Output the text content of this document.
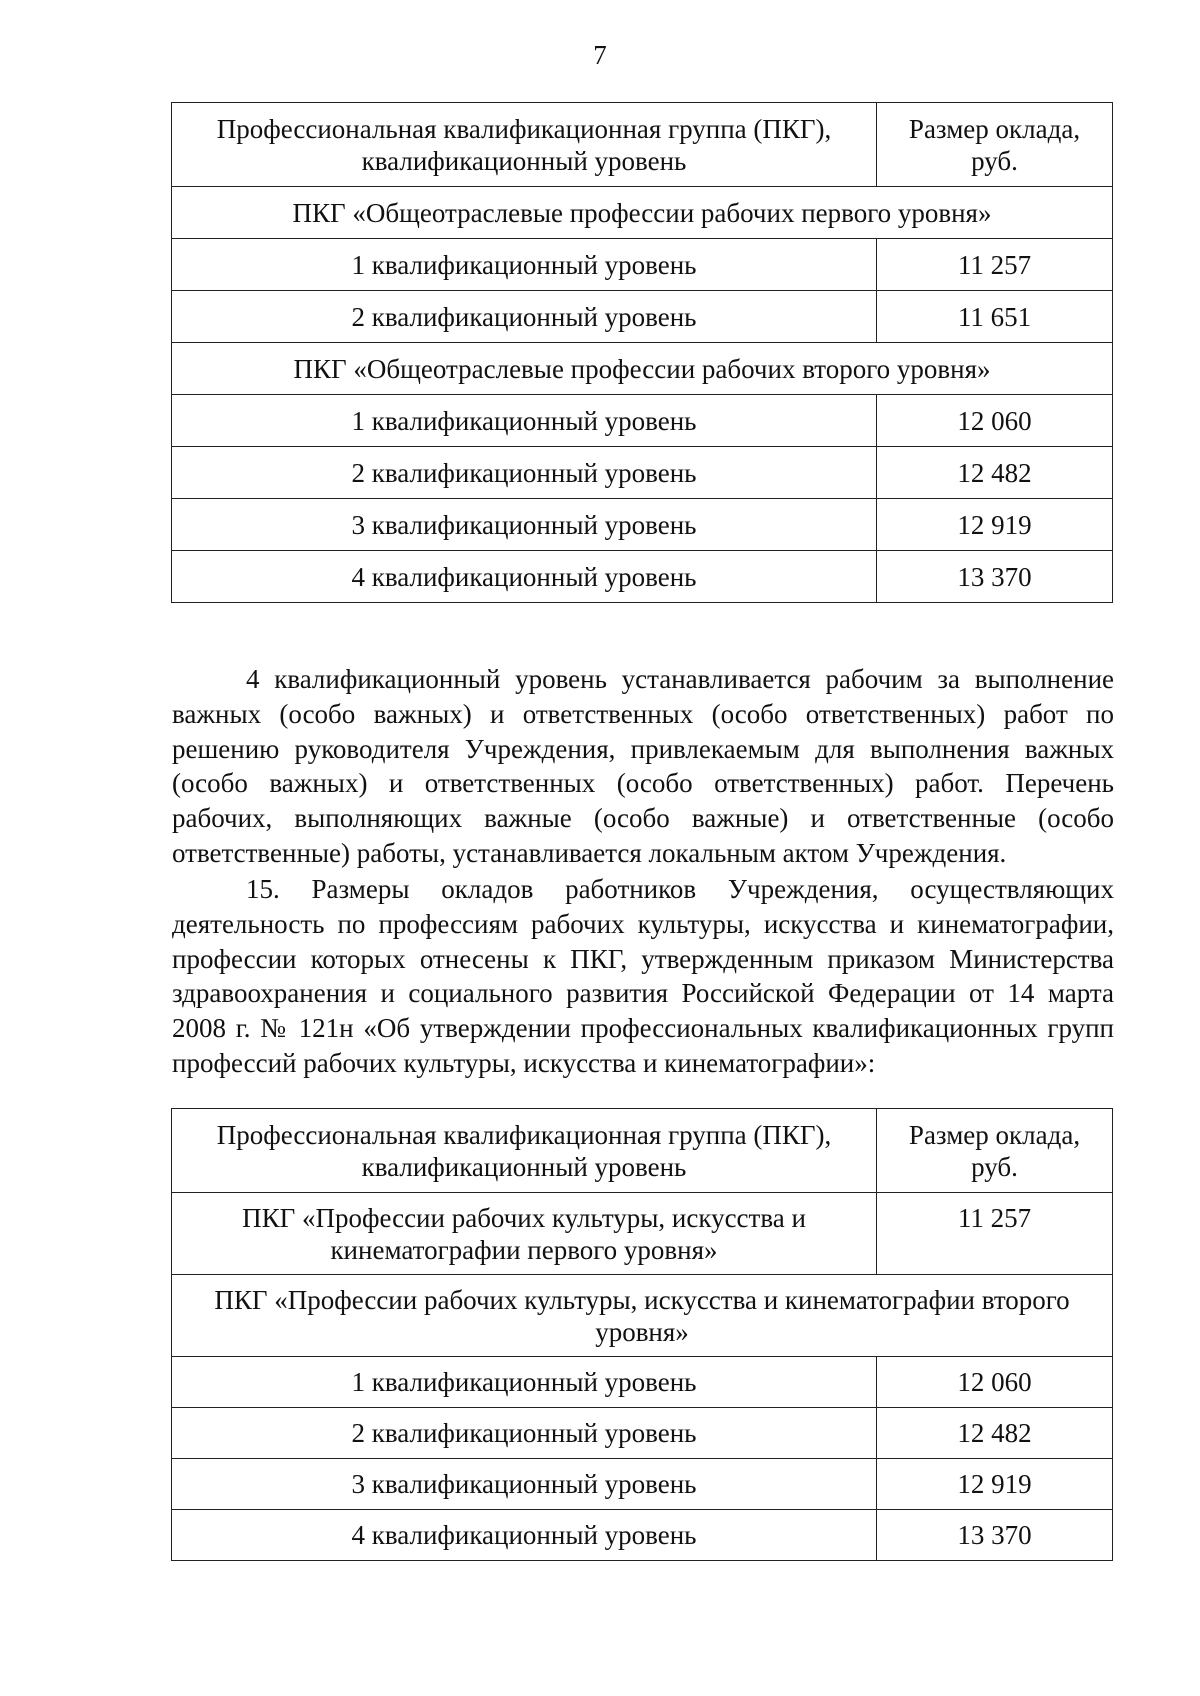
7
Профессиональная квалификационная группа (ПКГ), квалификационный уровень	Размер оклада, руб.
ПКГ «Общеотраслевые профессии рабочих первого уровня»	
1 квалификационный уровень	11 257
2 квалификационный уровень	11 651
ПКГ «Общеотраслевые профессии рабочих второго уровня»	
1 квалификационный уровень	12 060
2 квалификационный уровень	12 482
3 квалификационный уровень	12 919
4 квалификационный уровень	13 370

4 квалификационный уровень устанавливается рабочим за выполнение важных (особо важных) и ответственных (особо ответственных) работ по решению руководителя Учреждения, привлекаемым для выполнения важных (особо важных) и ответственных (особо ответственных) работ. Перечень рабочих, выполняющих важные (особо важные) и ответственные (особо ответственные) работы, устанавливается локальным актом Учреждения.

15. Размеры окладов работников Учреждения, осуществляющих деятельность по профессиям рабочих культуры, искусства и кинематографии, профессии которых отнесены к ПКГ, утвержденным приказом Министерства здравоохранения и социального развития Российской Федерации от 14 марта 2008 г. № 121н «Об утверждении профессиональных квалификационных групп профессий рабочих культуры, искусства и кинематографии»:

Профессиональная квалификационная группа (ПКГ), квалификационный уровень	Размер оклада, руб.
ПКГ «Профессии рабочих культуры, искусства и кинематографии первого уровня»	11 257
ПКГ «Профессии рабочих культуры, искусства и кинематографии второго уровня»	
1 квалификационный уровень	12 060
2 квалификационный уровень	12 482
3 квалификационный уровень	12 919
4 квалификационный уровень	13 370
